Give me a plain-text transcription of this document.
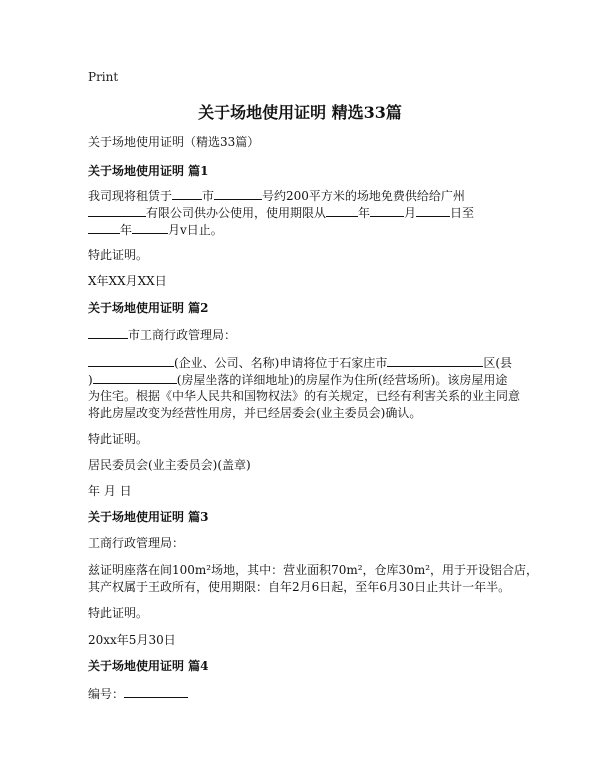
Print
关于场地使用证明 精选33篇
关于场地使用证明（精选33篇）
关于场地使用证明 篇1
我司现将租赁于	市	号约200平方米的场地免费供给给广州
有限公司供办公使用，使用期限从	年	月	日至
年	月v日止。
特此证明。
X年XX月XX日
关于场地使用证明 篇2
市工商行政管理局：
(企业、公司、名称)申请将位于石家庄市	区(县
)	(房屋坐落的详细地址)的房屋作为住所(经营场所)。该房屋用途
为住宅。根据《中华人民共和国物权法》的有关规定，已经有利害关系的业主同意
将此房屋改变为经营性用房，并已经居委会(业主委员会)确认。
特此证明。
居民委员会(业主委员会)(盖章)
年 月 日
关于场地使用证明 篇3
工商行政管理局：
兹证明座落在间100m²场地，其中：营业面积70m²，仓库30m²，用于开设铝合店，
其产权属于王政所有，使用期限：自年2月6日起，至年6月30日止共计一年半。
特此证明。
20xx年5月30日
关于场地使用证明 篇4
编号：
